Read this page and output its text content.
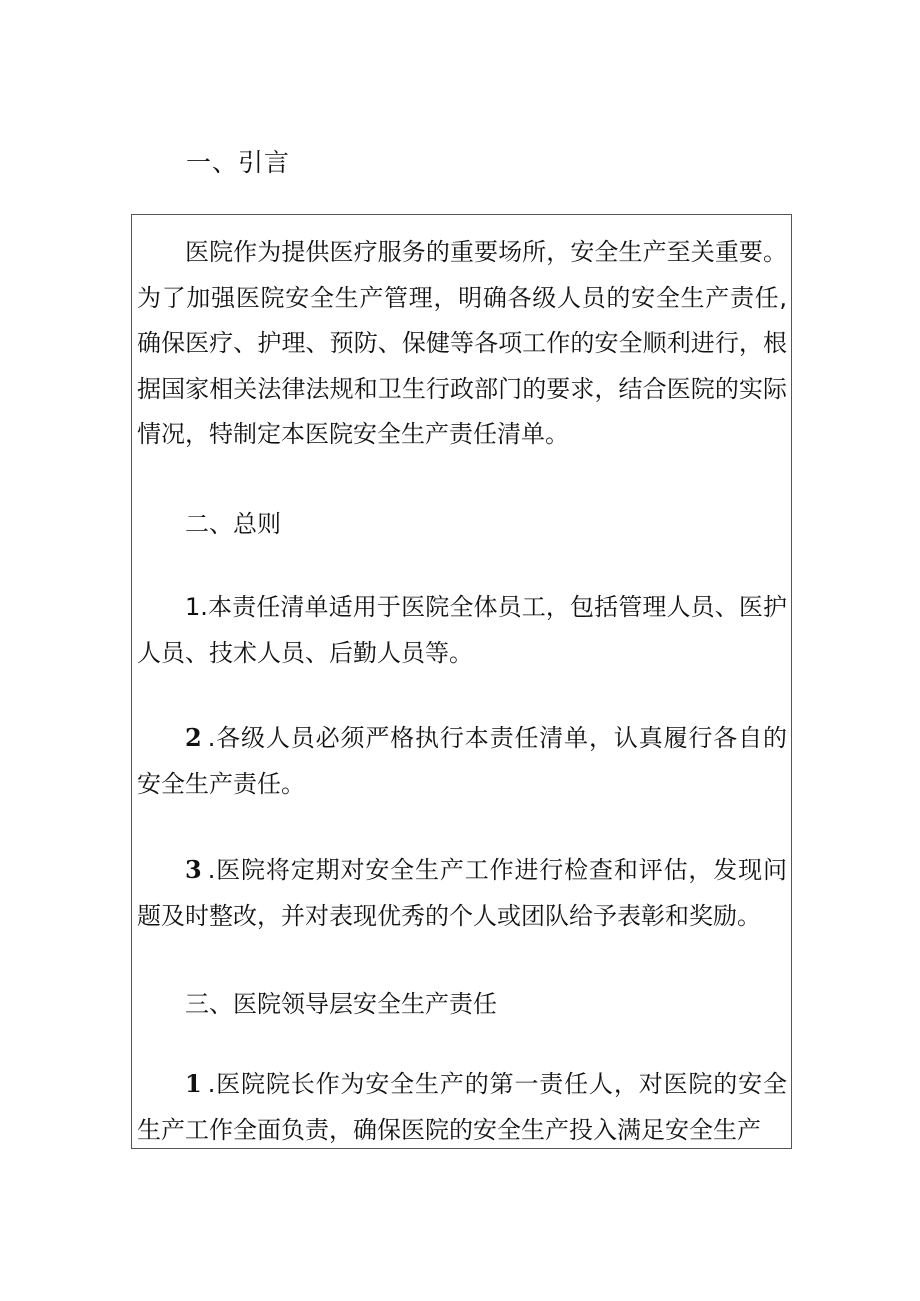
一、引言

医院作为提供医疗服务的重要场所，安全生产至关重要。为了加强医院安全生产管理，明确各级人员的安全生产责任,确保医疗、护理、预防、保健等各项工作的安全顺利进行，根据国家相关法律法规和卫生行政部门的要求，结合医院的实际情况，特制定本医院安全生产责任清单。

二、总则

1.本责任清单适用于医院全体员工，包括管理人员、医护人员、技术人员、后勤人员等。

2 .各级人员必须严格执行本责任清单，认真履行各自的安全生产责任。

3 .医院将定期对安全生产工作进行检查和评估，发现问题及时整改，并对表现优秀的个人或团队给予表彰和奖励。

三、医院领导层安全生产责任

1 .医院院长作为安全生产的第一责任人，对医院的安全生产工作全面负责，确保医院的安全生产投入满足安全生产
